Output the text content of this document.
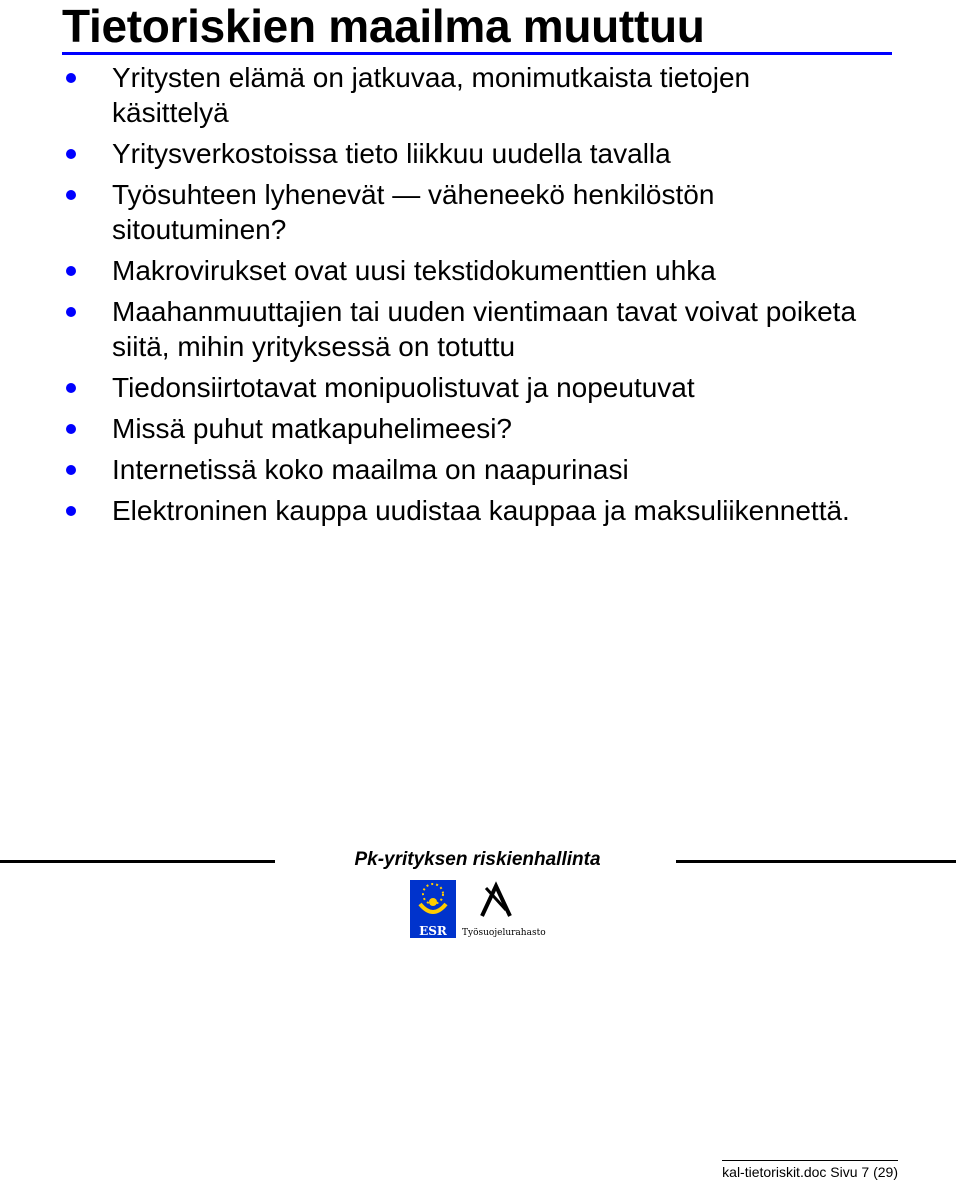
Tietoriskien maailma muuttuu
Yritysten elämä on jatkuvaa, monimutkaista tietojen käsittelyä
Yritysverkostoissa tieto liikkuu uudella tavalla
Työsuhteen lyhenevät — väheneekö henkilöstön sitoutuminen?
Makrovirukset ovat uusi tekstidokumenttien uhka
Maahanmuuttajien tai uuden vientimaan tavat voivat poiketa siitä, mihin yrityksessä on totuttu
Tiedonsiirtotavat monipuolistuvat ja nopeutuvat
Missä puhut matkapuhelimeesi?
Internetissä koko maailma on naapurinasi
Elektroninen kauppa uudistaa kauppaa ja maksuliikennettä.
Pk-yrityksen riskienhallinta
ESR Työsuojelurahasto
kal-tietoriskit.doc Sivu 7 (29)
